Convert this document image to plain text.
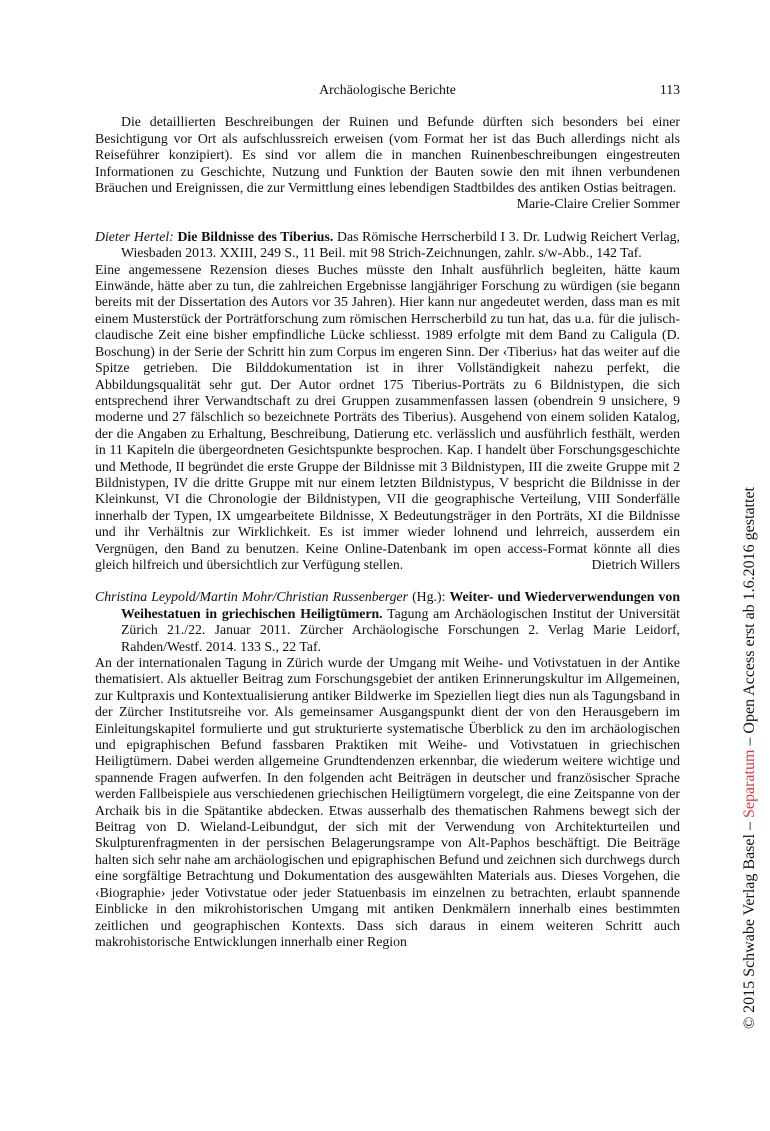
Archäologische Berichte	113
Die detaillierten Beschreibungen der Ruinen und Befunde dürften sich besonders bei einer Besichtigung vor Ort als aufschlussreich erweisen (vom Format her ist das Buch allerdings nicht als Reiseführer konzipiert). Es sind vor allem die in manchen Ruinenbeschreibungen eingestreuten Informationen zu Geschichte, Nutzung und Funktion der Bauten sowie den mit ihnen verbundenen Bräuchen und Ereignissen, die zur Vermittlung eines lebendigen Stadtbildes des antiken Ostias beitragen.
Marie-Claire Crelier Sommer
Dieter Hertel: Die Bildnisse des Tiberius. Das Römische Herrscherbild I 3. Dr. Ludwig Reichert Verlag, Wiesbaden 2013. XXIII, 249 S., 11 Beil. mit 98 Strich-Zeichnungen, zahlr. s/w-Abb., 142 Taf.
Eine angemessene Rezension dieses Buches müsste den Inhalt ausführlich begleiten, hätte kaum Einwände, hätte aber zu tun, die zahlreichen Ergebnisse langjähriger Forschung zu würdigen (sie begann bereits mit der Dissertation des Autors vor 35 Jahren). Hier kann nur angedeutet werden, dass man es mit einem Musterstück der Porträtforschung zum römischen Herrscherbild zu tun hat, das u.a. für die julisch-claudische Zeit eine bisher empfindliche Lücke schliesst. 1989 erfolgte mit dem Band zu Caligula (D. Boschung) in der Serie der Schritt hin zum Corpus im engeren Sinn. Der ‹Tiberius› hat das weiter auf die Spitze getrieben. Die Bilddokumentation ist in ihrer Vollständigkeit nahezu perfekt, die Abbildungsqualität sehr gut. Der Autor ordnet 175 Tiberius-Porträts zu 6 Bildnistypen, die sich entsprechend ihrer Verwandtschaft zu drei Gruppen zusammenfassen lassen (obendrein 9 unsichere, 9 moderne und 27 fälschlich so bezeichnete Porträts des Tiberius). Ausgehend von einem soliden Katalog, der die Angaben zu Erhaltung, Beschreibung, Datierung etc. verlässlich und ausführlich festhält, werden in 11 Kapiteln die übergeordneten Gesichtspunkte besprochen. Kap. I handelt über Forschungsgeschichte und Methode, II begründet die erste Gruppe der Bildnisse mit 3 Bildnistypen, III die zweite Gruppe mit 2 Bildnistypen, IV die dritte Gruppe mit nur einem letzten Bildnistypus, V bespricht die Bildnisse in der Kleinkunst, VI die Chronologie der Bildnistypen, VII die geographische Verteilung, VIII Sonderfälle innerhalb der Typen, IX umgearbeitete Bildnisse, X Bedeutungsträger in den Porträts, XI die Bildnisse und ihr Verhältnis zur Wirklichkeit. Es ist immer wieder lohnend und lehrreich, ausserdem ein Vergnügen, den Band zu benutzen. Keine Online-Datenbank im open access-Format könnte all dies gleich hilfreich und übersichtlich zur Verfügung stellen.	Dietrich Willers
Christina Leypold/Martin Mohr/Christian Russenberger (Hg.): Weiter- und Wiederverwendungen von Weihestatuen in griechischen Heiligtümern. Tagung am Archäologischen Institut der Universität Zürich 21./22. Januar 2011. Zürcher Archäologische Forschungen 2. Verlag Marie Leidorf, Rahden/Westf. 2014. 133 S., 22 Taf.
An der internationalen Tagung in Zürich wurde der Umgang mit Weihe- und Votivstatuen in der Antike thematisiert. Als aktueller Beitrag zum Forschungsgebiet der antiken Erinnerungskultur im Allgemeinen, zur Kultpraxis und Kontextualisierung antiker Bildwerke im Speziellen liegt dies nun als Tagungsband in der Zürcher Institutsreihe vor. Als gemeinsamer Ausgangspunkt dient der von den Herausgebern im Einleitungskapitel formulierte und gut strukturierte systematische Überblick zu den im archäologischen und epigraphischen Befund fassbaren Praktiken mit Weihe- und Votivstatuen in griechischen Heiligtümern. Dabei werden allgemeine Grundtendenzen erkennbar, die wiederum weitere wichtige und spannende Fragen aufwerfen. In den folgenden acht Beiträgen in deutscher und französischer Sprache werden Fallbeispiele aus verschiedenen griechischen Heiligtümern vorgelegt, die eine Zeitspanne von der Archaik bis in die Spätantike abdecken. Etwas ausserhalb des thematischen Rahmens bewegt sich der Beitrag von D. Wieland-Leibundgut, der sich mit der Verwendung von Architekturteilen und Skulpturenfragmenten in der persischen Belagerungsrampe von Alt-Paphos beschäftigt. Die Beiträge halten sich sehr nahe am archäologischen und epigraphischen Befund und zeichnen sich durchwegs durch eine sorgfältige Betrachtung und Dokumentation des ausgewählten Materials aus. Dieses Vorgehen, die ‹Biographie› jeder Votivstatue oder jeder Statuenbasis im einzelnen zu betrachten, erlaubt spannende Einblicke in den mikrohistorischen Umgang mit antiken Denkmälern innerhalb eines bestimmten zeitlichen und geographischen Kontexts. Dass sich daraus in einem weiteren Schritt auch makrohistorische Entwicklungen innerhalb einer Region	© 2015 Schwabe Verlag Basel – Separatum – Open Access erst ab 1.6.2016 gestattet
